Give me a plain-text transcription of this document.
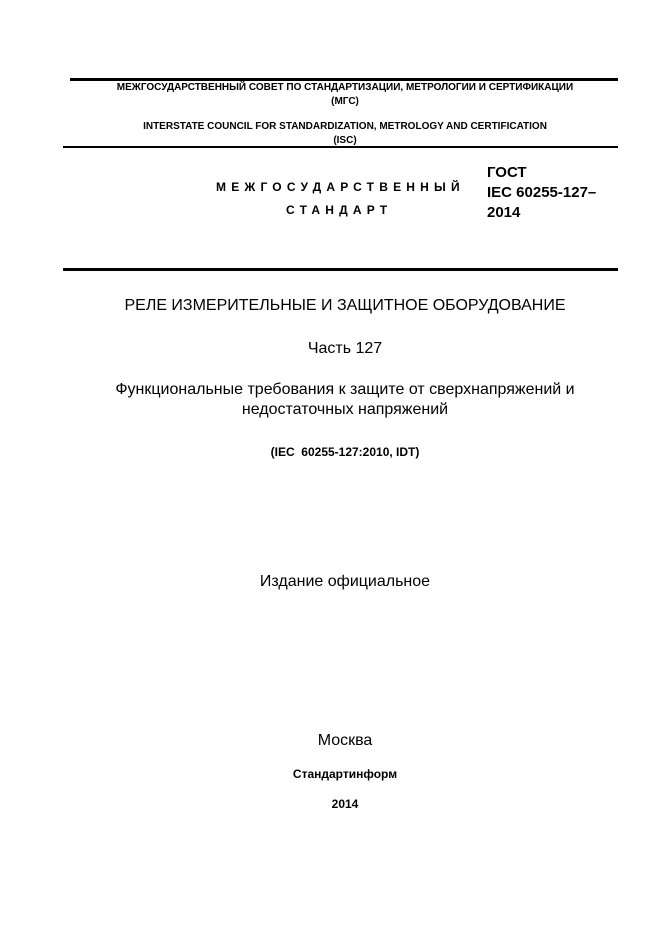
МЕЖГОСУДАРСТВЕННЫЙ СОВЕТ ПО СТАНДАРТИЗАЦИИ, МЕТРОЛОГИИ И СЕРТИФИКАЦИИ
(МГС)
INTERSTATE COUNCIL FOR STANDARDIZATION, METROLOGY AND CERTIFICATION
(ISC)
МЕЖГОСУДАРСТВЕННЫЙ
СТАНДАРТ
ГОСТ
IEC 60255-127–
2014
РЕЛЕ ИЗМЕРИТЕЛЬНЫЕ И ЗАЩИТНОЕ ОБОРУДОВАНИЕ
Часть 127
Функциональные требования к защите от сверхнапряжений и
недостаточных напряжений
(IEC  60255-127:2010, IDT)
Издание официальное
Москва
Стандартинформ
2014
